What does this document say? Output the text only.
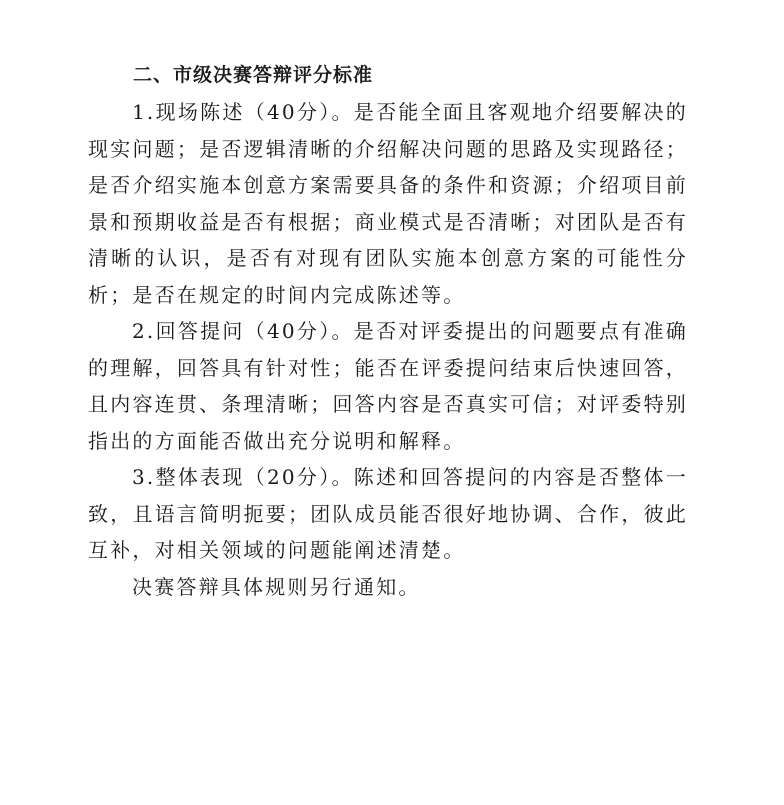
二、市级决赛答辩评分标准

1.现场陈述（40分）。是否能全面且客观地介绍要解决的现实问题；是否逻辑清晰的介绍解决问题的思路及实现路径；是否介绍实施本创意方案需要具备的条件和资源；介绍项目前景和预期收益是否有根据；商业模式是否清晰；对团队是否有清晰的认识，是否有对现有团队实施本创意方案的可能性分析；是否在规定的时间内完成陈述等。

2.回答提问（40分）。是否对评委提出的问题要点有准确的理解，回答具有针对性；能否在评委提问结束后快速回答，且内容连贯、条理清晰；回答内容是否真实可信；对评委特别指出的方面能否做出充分说明和解释。

3.整体表现（20分）。陈述和回答提问的内容是否整体一致，且语言简明扼要；团队成员能否很好地协调、合作，彼此互补，对相关领域的问题能阐述清楚。

决赛答辩具体规则另行通知。
